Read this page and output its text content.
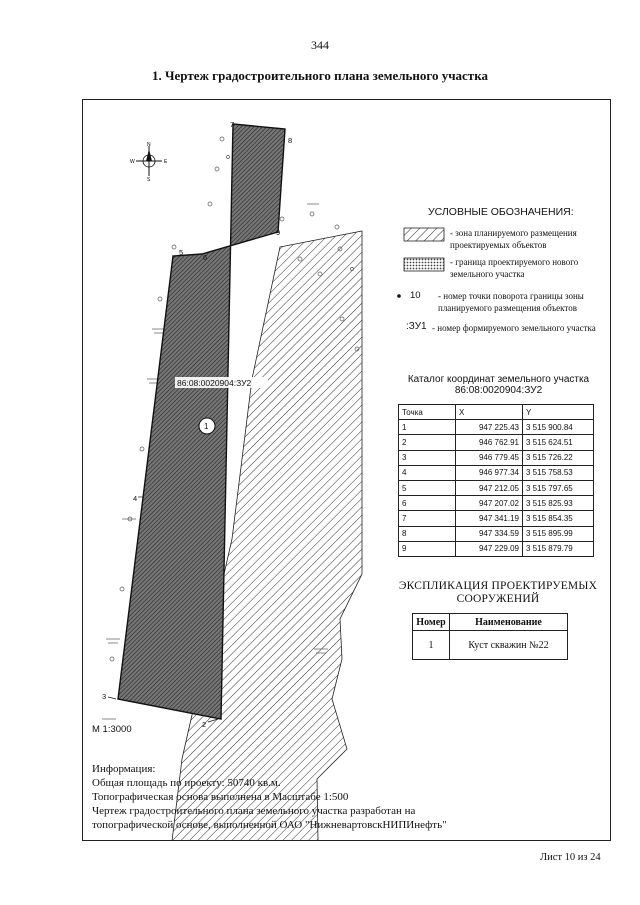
344
1. Чертеж градостроительного плана земельного участка
N
S
W	E
7
8
9
5
6
4
3
2
86:08:0020904:ЗУ2
1
УСЛОВНЫЕ ОБОЗНАЧЕНИЯ:
- зона планируемого размещения
проектируемых объектов
- граница проектируемого нового
земельного участка
10 - номер точки поворота границы зоны
планируемого размещения объектов
:ЗУ1 - номер формируемого земельного участка
Каталог координат земельного участка
86:08:0020904:ЗУ2
Точка	X	Y
1	947 225.43	3 515 900.84
2	946 762.91	3 515 624.51
3	946 779.45	3 515 726.22
4	946 977.34	3 515 758.53
5	947 212.05	3 515 797.65
6	947 207.02	3 515 825.93
7	947 341.19	3 515 854.35
8	947 334.59	3 515 895.99
9	947 229.09	3 515 879.79
ЭКСПЛИКАЦИЯ ПРОЕКТИРУЕМЫХ
СООРУЖЕНИЙ
Номер	Наименование
1	Куст скважин №22
М 1:3000
Информация:
Общая площадь по проекту: 50740 кв.м.
Топографическая основа выполнена в Масштабе 1:500
Чертеж градостроительного плана земельного участка разработан на
топографической основе, выполненной ОАО "НижневартовскНИПИнефть"
Лист 10 из 24
